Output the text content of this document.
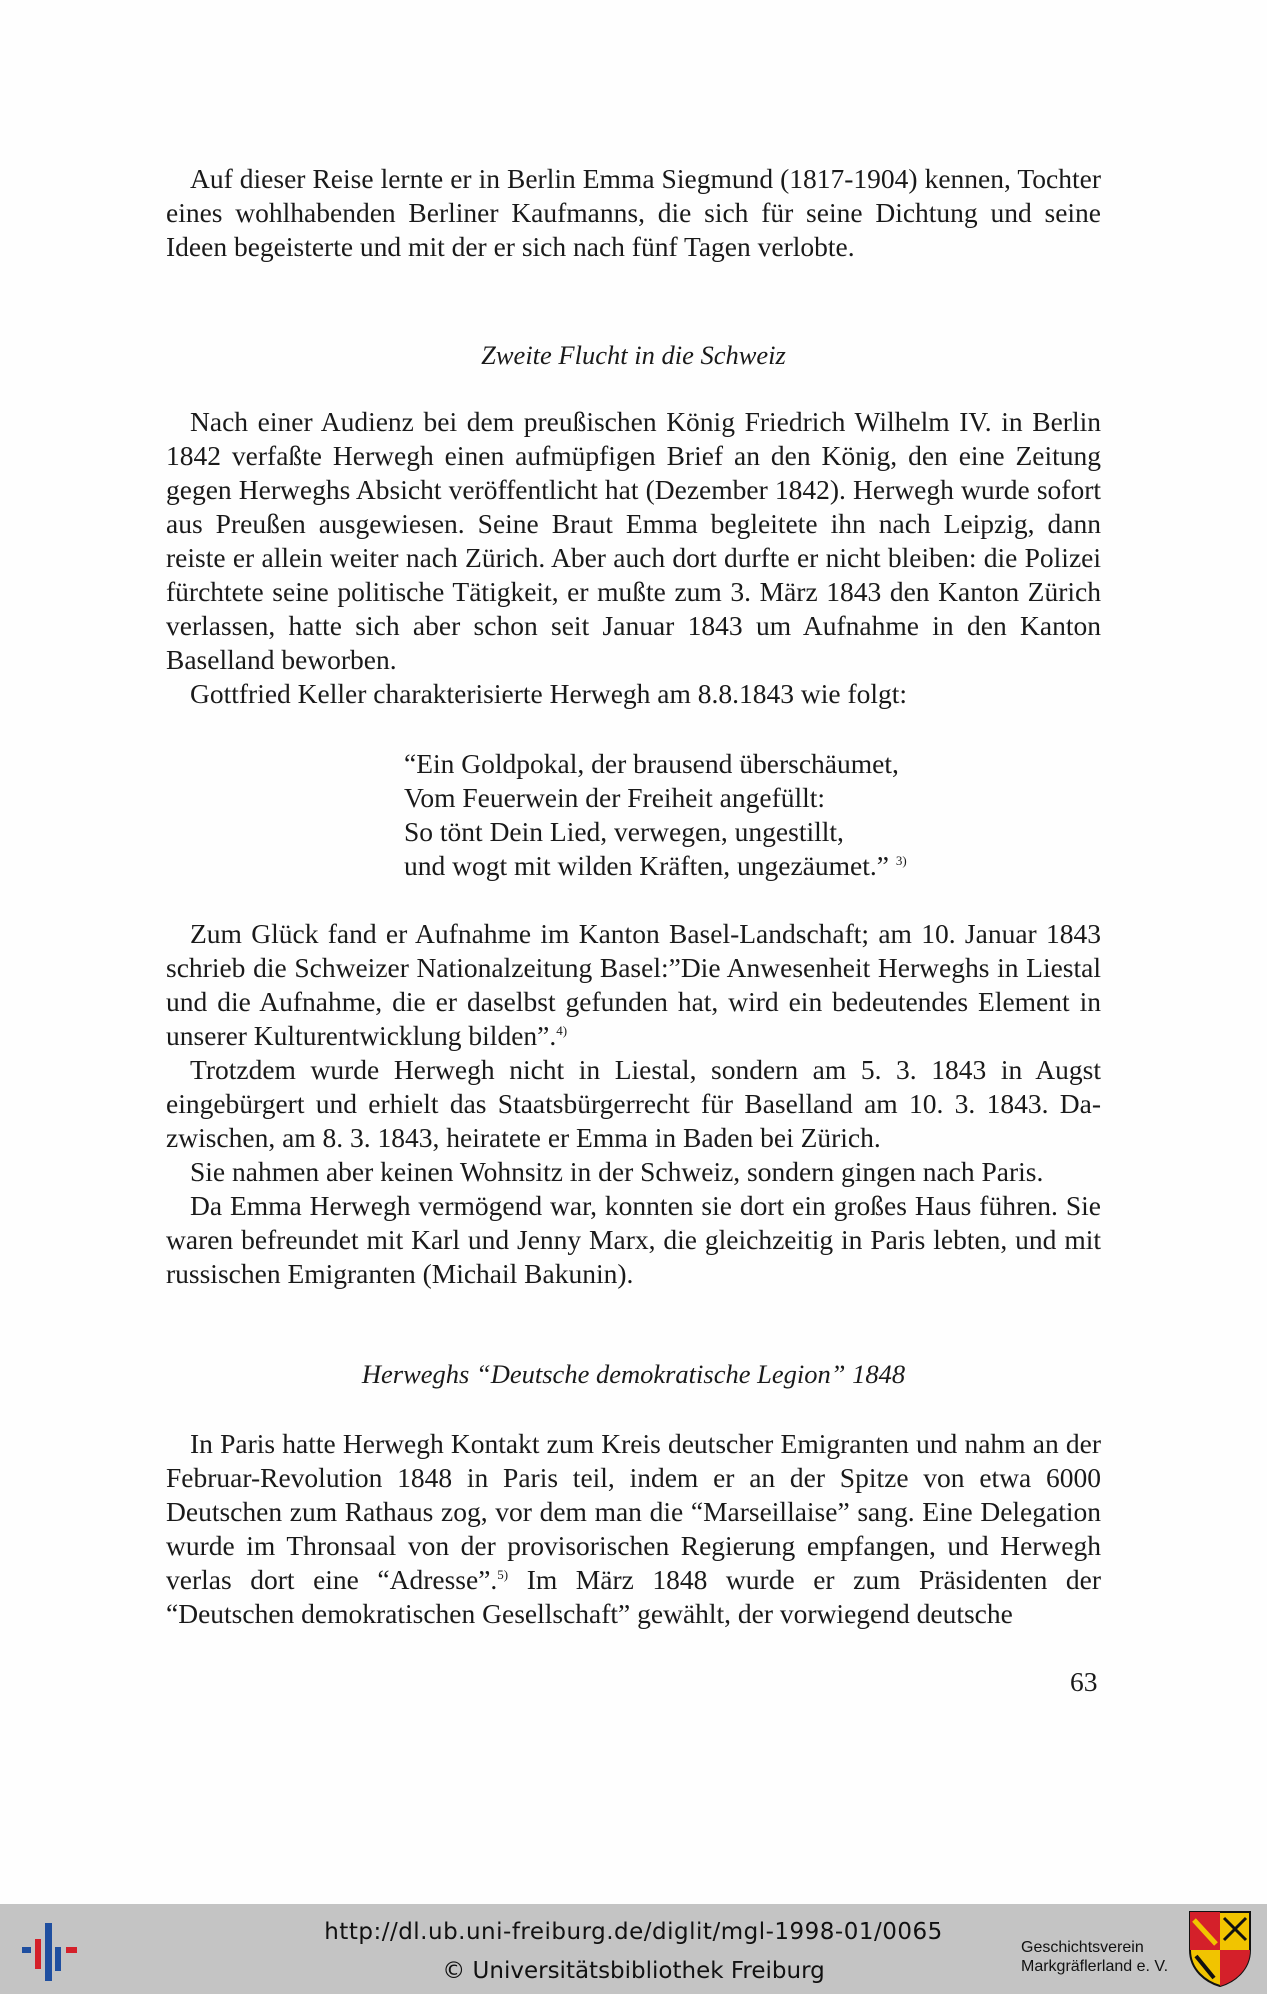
Auf dieser Reise lernte er in Berlin Emma Siegmund (1817-1904) kennen, Tochter eines wohlhabenden Berliner Kaufmanns, die sich für seine Dichtung und seine Ideen begeisterte und mit der er sich nach fünf Tagen verlobte.

Zweite Flucht in die Schweiz

Nach einer Audienz bei dem preußischen König Friedrich Wilhelm IV. in Berlin 1842 verfaßte Herwegh einen aufmüpfigen Brief an den König, den eine Zeitung gegen Herweghs Absicht veröffentlicht hat (Dezember 1842). Herwegh wurde sofort aus Preußen ausgewiesen. Seine Braut Emma begleitete ihn nach Leipzig, dann reiste er allein weiter nach Zürich. Aber auch dort durfte er nicht bleiben: die Polizei fürchtete seine politische Tätigkeit, er mußte zum 3. März 1843 den Kanton Zürich verlassen, hatte sich aber schon seit Januar 1843 um Aufnahme in den Kanton Baselland beworben.

Gottfried Keller charakterisierte Herwegh am 8.8.1843 wie folgt:

“Ein Goldpokal, der brausend überschäumet,
Vom Feuerwein der Freiheit angefüllt:
So tönt Dein Lied, verwegen, ungestillt,
und wogt mit wilden Kräften, ungezäumet.” $^{3)}$

Zum Glück fand er Aufnahme im Kanton Basel-Landschaft; am 10. Januar 1843 schrieb die Schweizer Nationalzeitung Basel:”Die Anwesenheit Herweghs in Liestal und die Aufnahme, die er daselbst gefunden hat, wird ein bedeutendes Element in unserer Kulturentwicklung bilden”.$^{4)}$

Trotzdem wurde Herwegh nicht in Liestal, sondern am 5. 3. 1843 in Augst eingebürgert und erhielt das Staatsbürgerrecht für Baselland am 10. 3. 1843. Dazwischen, am 8. 3. 1843, heiratete er Emma in Baden bei Zürich.

Sie nahmen aber keinen Wohnsitz in der Schweiz, sondern gingen nach Paris.

Da Emma Herwegh vermögend war, konnten sie dort ein großes Haus führen. Sie waren befreundet mit Karl und Jenny Marx, die gleichzeitig in Paris lebten, und mit russischen Emigranten (Michail Bakunin).

Herweghs “Deutsche demokratische Legion” 1848

In Paris hatte Herwegh Kontakt zum Kreis deutscher Emigranten und nahm an der Februar-Revolution 1848 in Paris teil, indem er an der Spitze von etwa 6000 Deutschen zum Rathaus zog, vor dem man die “Marseillaise” sang. Eine Delegation wurde im Thronsaal von der provisorischen Regierung empfangen, und Herwegh verlas dort eine “Adresse”.$^{5)}$ Im März 1848 wurde er zum Präsidenten der “Deutschen demokratischen Gesellschaft” gewählt, der vorwiegend deutsche

63
http://dl.ub.uni-freiburg.de/diglit/mgl-1998-01/0065
© Universitätsbibliothek Freiburg
Geschichtsverein
Markgräflerland e. V.
